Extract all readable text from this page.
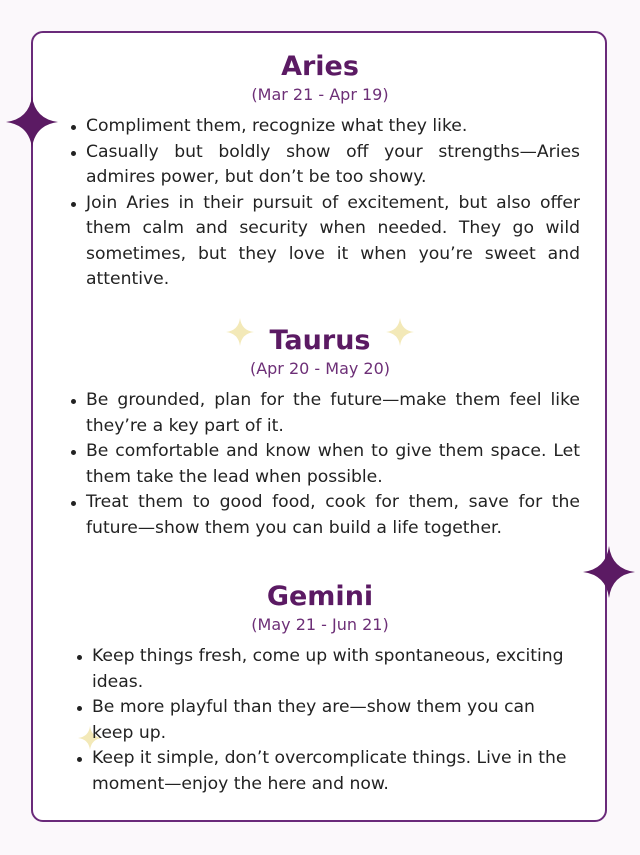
Aries
(Mar 21 - Apr 19)
Compliment them, recognize what they like.
Casually but boldly show off your strengths—Aries admires power, but don’t be too showy.
Join Aries in their pursuit of excitement, but also offer them calm and security when needed. They go wild sometimes, but they love it when you’re sweet and attentive.
Taurus
(Apr 20 - May 20)
Be grounded, plan for the future—make them feel like they’re a key part of it.
Be comfortable and know when to give them space. Let them take the lead when possible.
Treat them to good food, cook for them, save for the future—show them you can build a life together.
Gemini
(May 21 - Jun 21)
Keep things fresh, come up with spontaneous, exciting ideas.
Be more playful than they are—show them you can keep up.
Keep it simple, don’t overcomplicate things. Live in the moment—enjoy the here and now.
